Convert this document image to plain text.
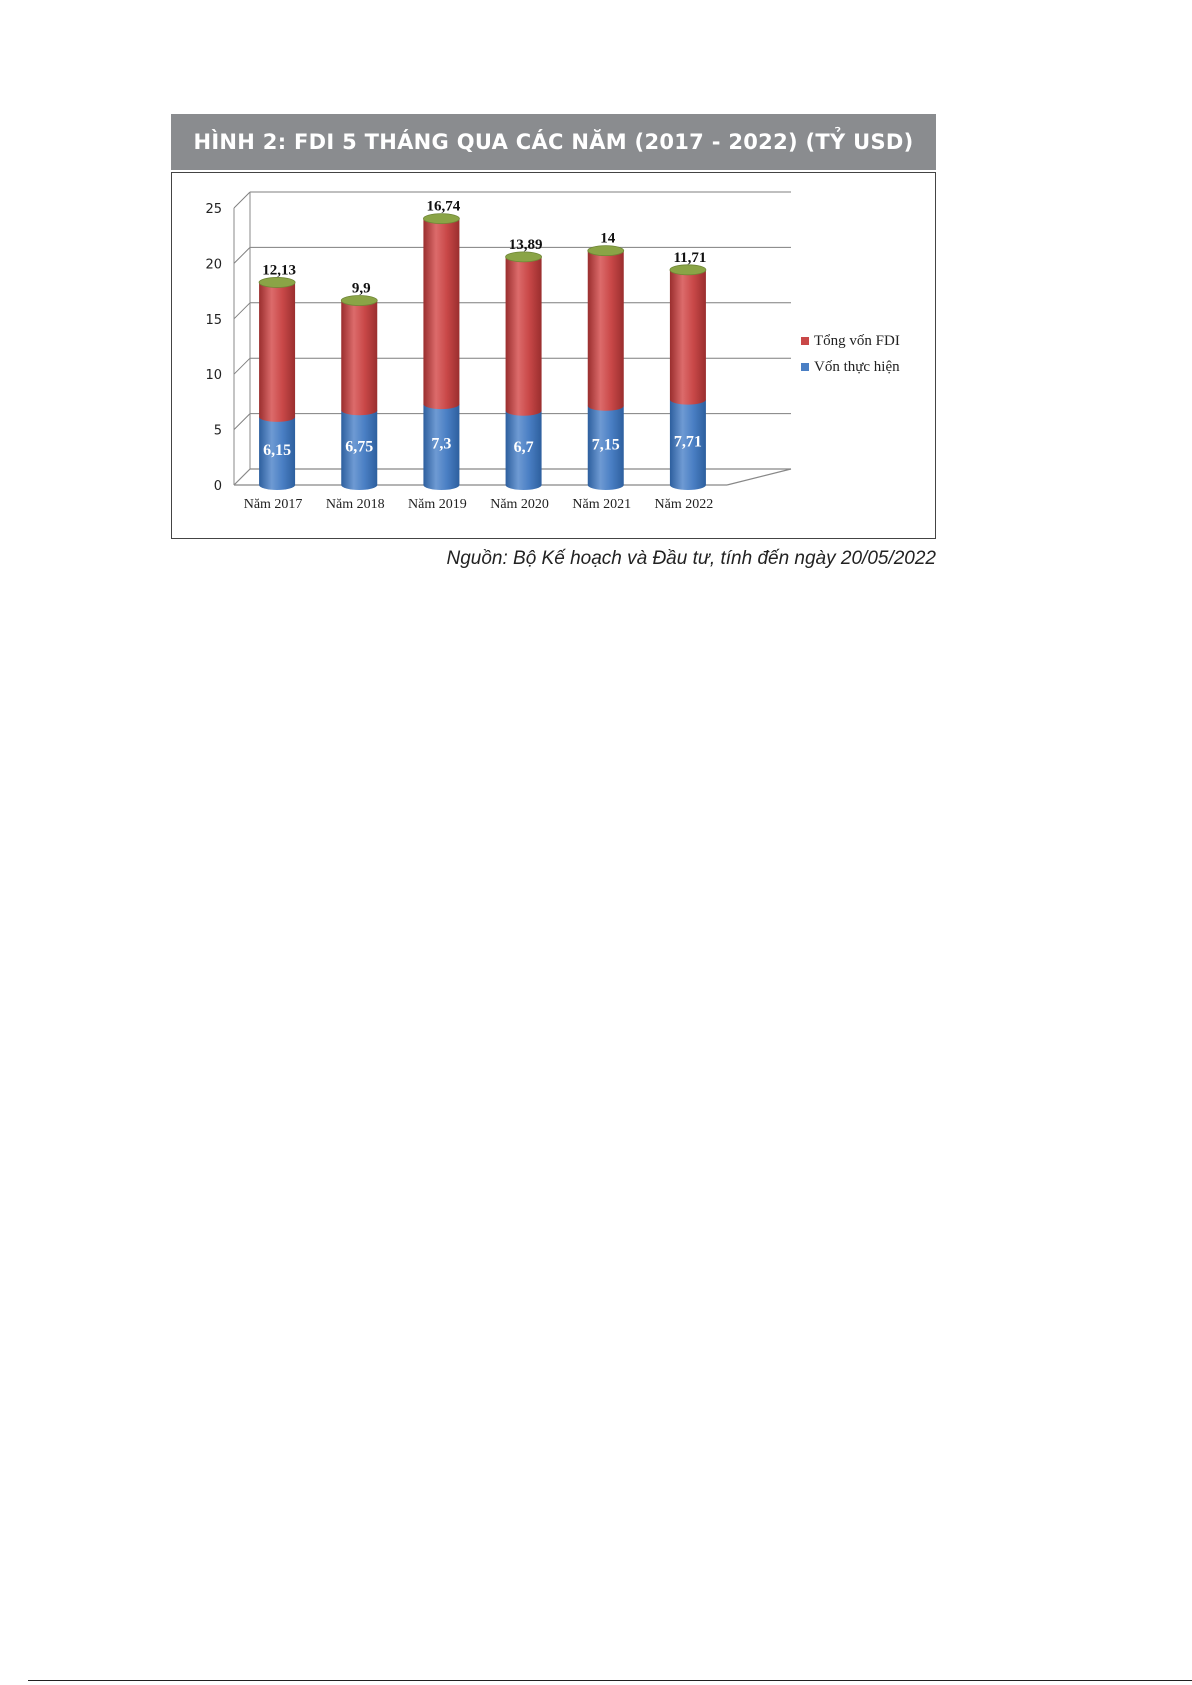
HÌNH 2: FDI 5 THÁNG QUA CÁC NĂM (2017 - 2022) (TỶ USD)
0
5
10
15
20
25
6,15
12,13
Năm 2017
6,75
9,9
Năm 2018
7,3
16,74
Năm 2019
6,7
13,89
Năm 2020
7,15
14
Năm 2021
7,71
11,71
Năm 2022
Tổng vốn FDI
Vốn thực hiện
Nguồn: Bộ Kế hoạch và Đầu tư, tính đến ngày 20/05/2022
